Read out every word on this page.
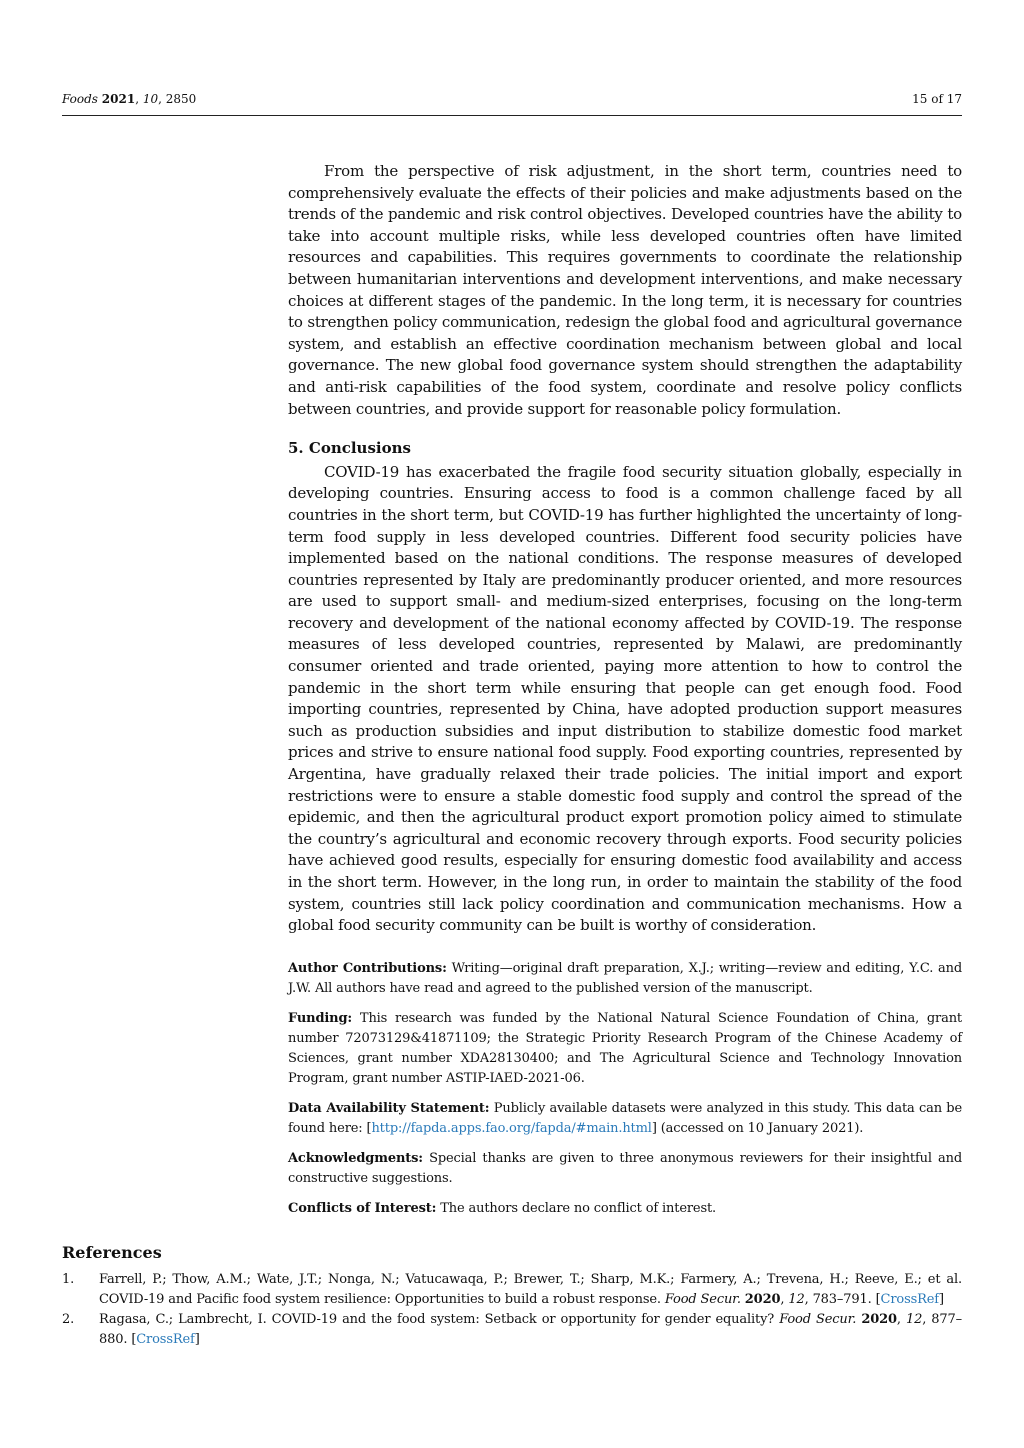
Foods 2021, 10, 2850	15 of 17

From the perspective of risk adjustment, in the short term, countries need to comprehensively evaluate the effects of their policies and make adjustments based on the trends of the pandemic and risk control objectives. Developed countries have the ability to take into account multiple risks, while less developed countries often have limited resources and capabilities. This requires governments to coordinate the relationship between humanitarian interventions and development interventions, and make necessary choices at different stages of the pandemic. In the long term, it is necessary for countries to strengthen policy communication, redesign the global food and agricultural governance system, and establish an effective coordination mechanism between global and local governance. The new global food governance system should strengthen the adaptability and anti-risk capabilities of the food system, coordinate and resolve policy conflicts between countries, and provide support for reasonable policy formulation.

5. Conclusions

COVID-19 has exacerbated the fragile food security situation globally, especially in developing countries. Ensuring access to food is a common challenge faced by all countries in the short term, but COVID-19 has further highlighted the uncertainty of long-term food supply in less developed countries. Different food security policies have implemented based on the national conditions. The response measures of developed countries represented by Italy are predominantly producer oriented, and more resources are used to support small- and medium-sized enterprises, focusing on the long-term recovery and development of the national economy affected by COVID-19. The response measures of less developed countries, represented by Malawi, are predominantly consumer oriented and trade oriented, paying more attention to how to control the pandemic in the short term while ensuring that people can get enough food. Food importing countries, represented by China, have adopted production support measures such as production subsidies and input distribution to stabilize domestic food market prices and strive to ensure national food supply. Food exporting countries, represented by Argentina, have gradually relaxed their trade policies. The initial import and export restrictions were to ensure a stable domestic food supply and control the spread of the epidemic, and then the agricultural product export promotion policy aimed to stimulate the country’s agricultural and economic recovery through exports. Food security policies have achieved good results, especially for ensuring domestic food availability and access in the short term. However, in the long run, in order to maintain the stability of the food system, countries still lack policy coordination and communication mechanisms. How a global food security community can be built is worthy of consideration.

Author Contributions: Writing—original draft preparation, X.J.; writing—review and editing, Y.C. and J.W. All authors have read and agreed to the published version of the manuscript.

Funding: This research was funded by the National Natural Science Foundation of China, grant number 72073129&41871109; the Strategic Priority Research Program of the Chinese Academy of Sciences, grant number XDA28130400; and The Agricultural Science and Technology Innovation Program, grant number ASTIP-IAED-2021-06.

Data Availability Statement: Publicly available datasets were analyzed in this study. This data can be found here: [http://fapda.apps.fao.org/fapda/#main.html] (accessed on 10 January 2021).

Acknowledgments: Special thanks are given to three anonymous reviewers for their insightful and constructive suggestions.

Conflicts of Interest: The authors declare no conflict of interest.

References
1. Farrell, P.; Thow, A.M.; Wate, J.T.; Nonga, N.; Vatucawaqa, P.; Brewer, T.; Sharp, M.K.; Farmery, A.; Trevena, H.; Reeve, E.; et al. COVID-19 and Pacific food system resilience: Opportunities to build a robust response. Food Secur. 2020, 12, 783–791. [CrossRef]
2. Ragasa, C.; Lambrecht, I. COVID-19 and the food system: Setback or opportunity for gender equality? Food Secur. 2020, 12, 877–880. [CrossRef]
